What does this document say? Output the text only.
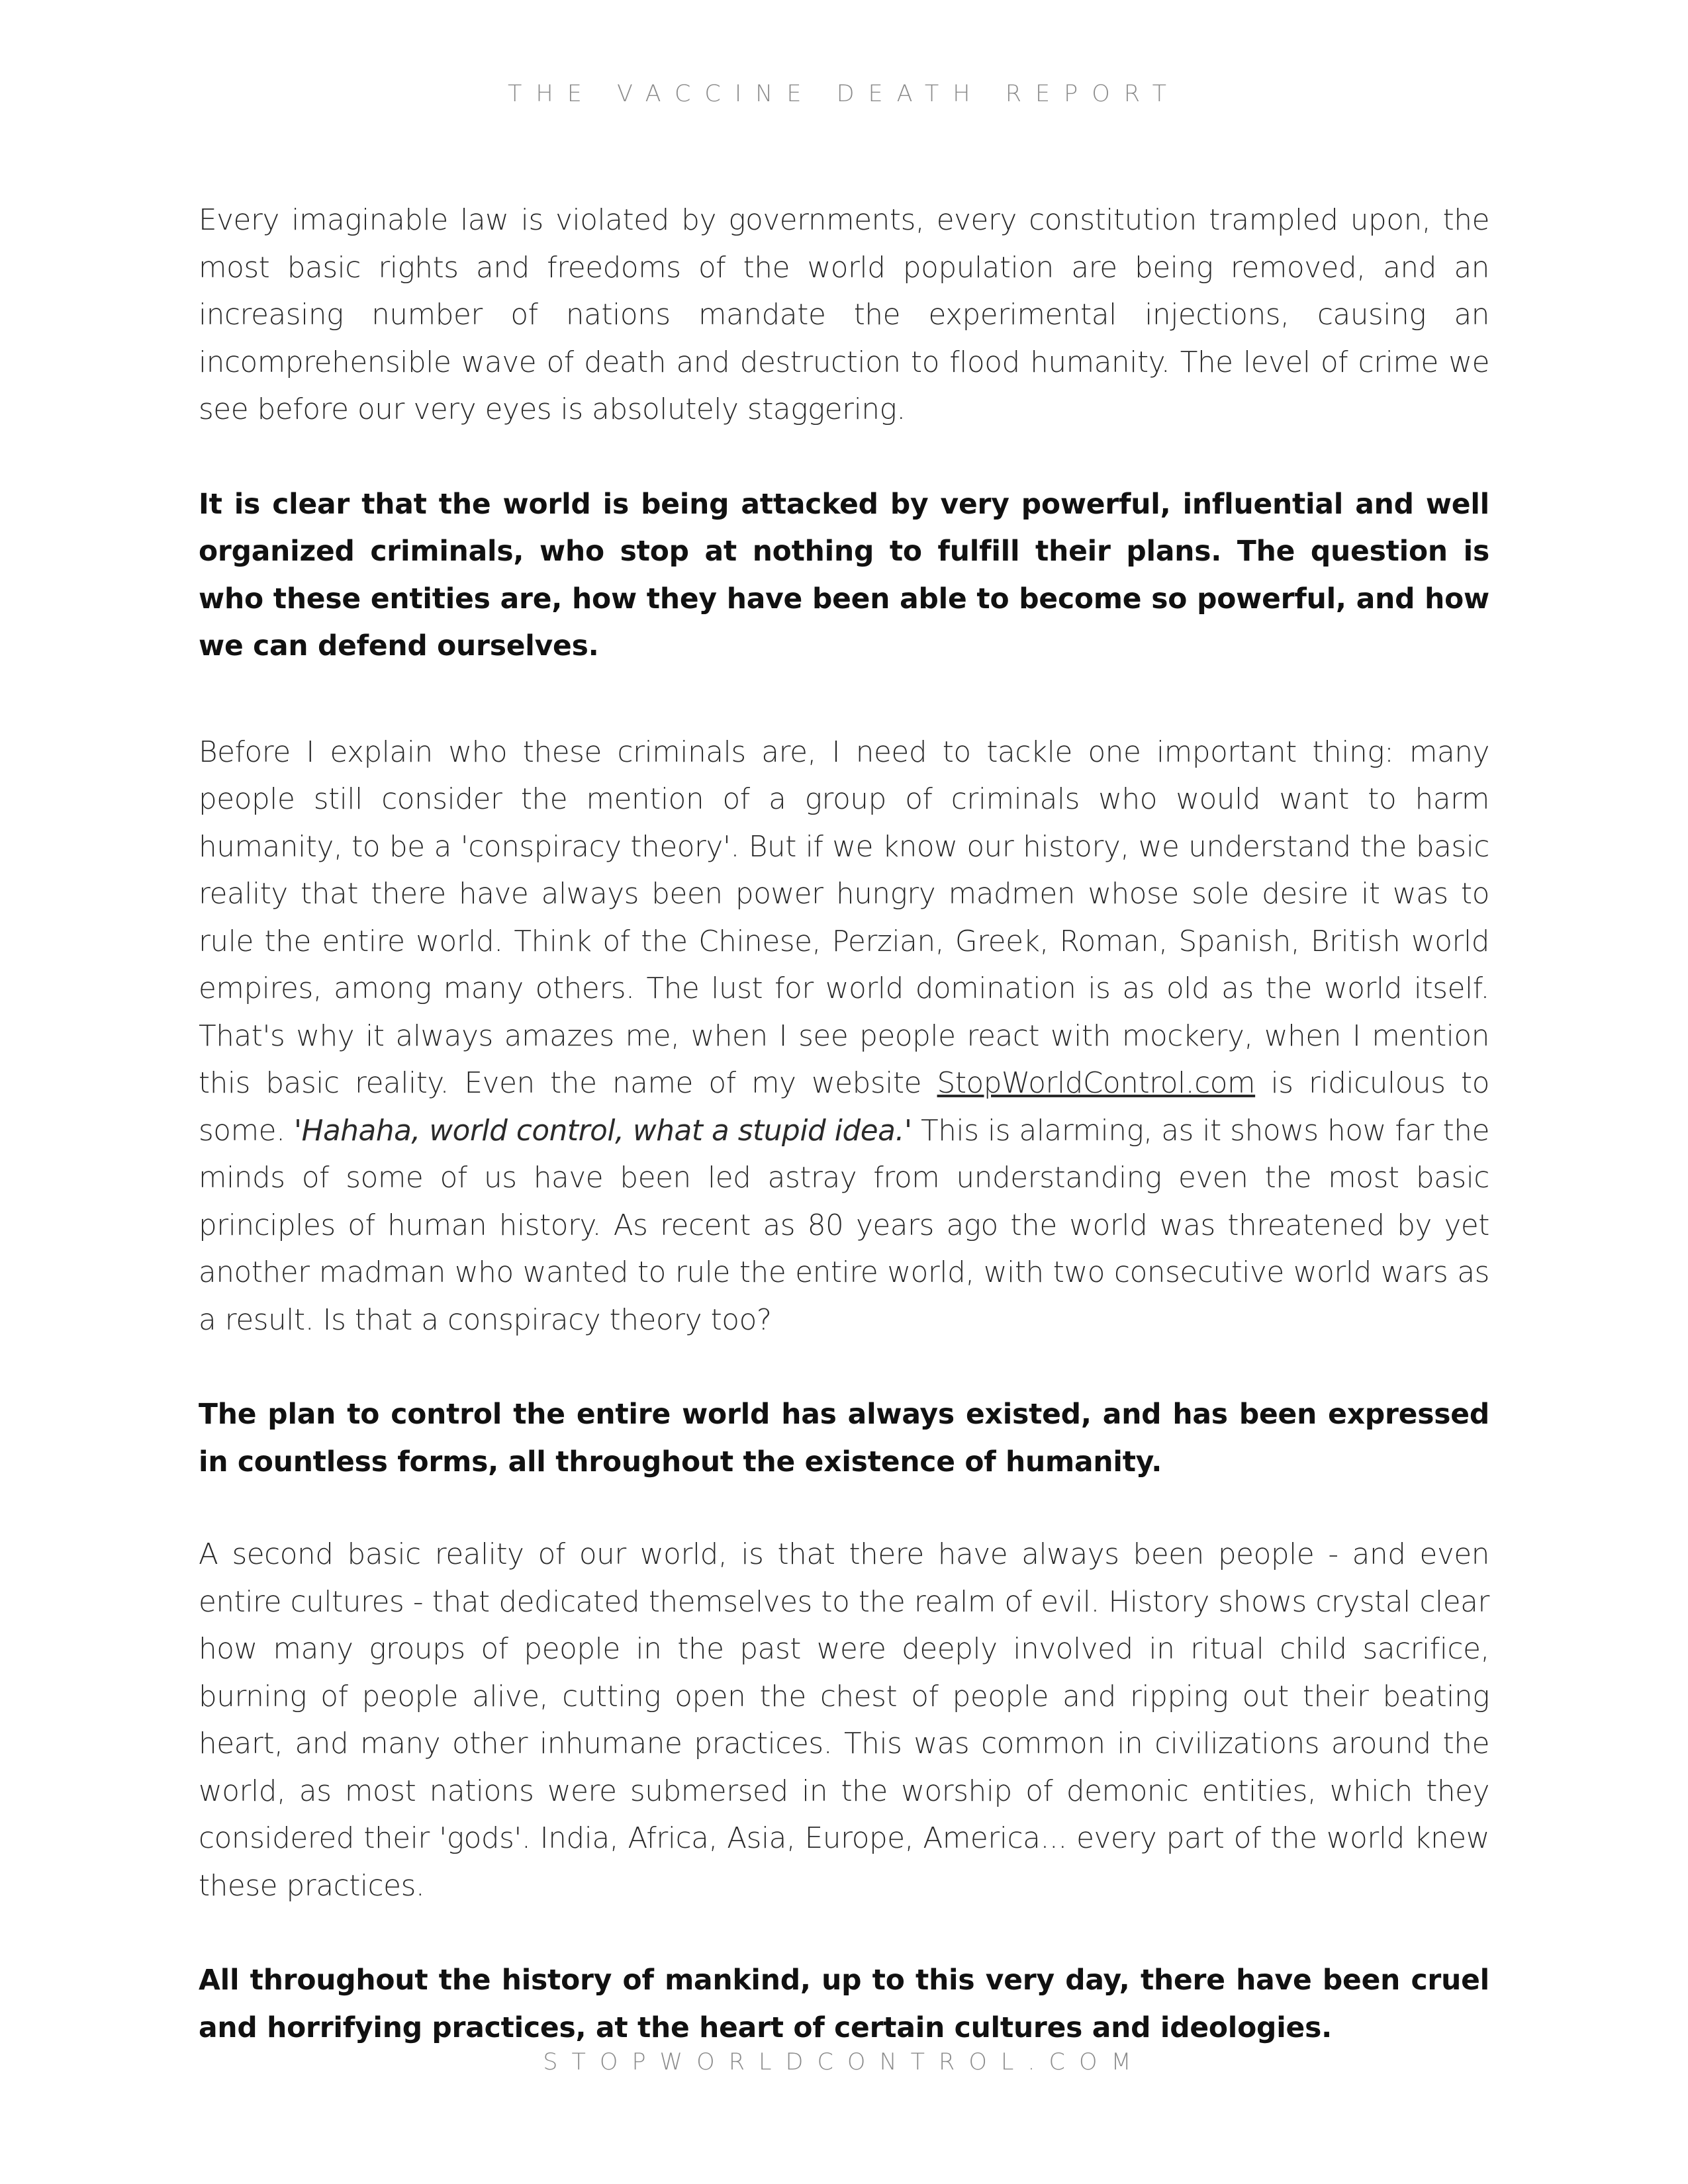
THE VACCINE DEATH REPORT

Every imaginable law is violated by governments, every constitution trampled upon, the most basic rights and freedoms of the world population are being removed, and an increasing number of nations mandate the experimental injections, causing an incomprehensible wave of death and destruction to flood humanity. The level of crime we see before our very eyes is absolutely staggering.

It is clear that the world is being attacked by very powerful, influential and well organized criminals, who stop at nothing to fulfill their plans. The question is who these entities are, how they have been able to become so powerful, and how we can defend ourselves.

Before I explain who these criminals are, I need to tackle one important thing: many people still consider the mention of a group of criminals who would want to harm humanity, to be a 'conspiracy theory'. But if we know our history, we understand the basic reality that there have always been power hungry madmen whose sole desire it was to rule the entire world. Think of the Chinese, Perzian, Greek, Roman, Spanish, British world empires, among many others. The lust for world domination is as old as the world itself. That's why it always amazes me, when I see people react with mockery, when I mention this basic reality. Even the name of my website StopWorldControl.com is ridiculous to some. 'Hahaha, world control, what a stupid idea.' This is alarming, as it shows how far the minds of some of us have been led astray from understanding even the most basic principles of human history. As recent as 80 years ago the world was threatened by yet another madman who wanted to rule the entire world, with two consecutive world wars as a result. Is that a conspiracy theory too?

The plan to control the entire world has always existed, and has been expressed in countless forms, all throughout the existence of humanity.

A second basic reality of our world, is that there have always been people - and even entire cultures - that dedicated themselves to the realm of evil. History shows crystal clear how many groups of people in the past were deeply involved in ritual child sacrifice, burning of people alive, cutting open the chest of people and ripping out their beating heart, and many other inhumane practices. This was common in civilizations around the world, as most nations were submersed in the worship of demonic entities, which they considered their 'gods'. India, Africa, Asia, Europe, America... every part of the world knew these practices.

All throughout the history of mankind, up to this very day, there have been cruel and horrifying practices, at the heart of certain cultures and ideologies.

STOPWORLDCONTROL.COM
